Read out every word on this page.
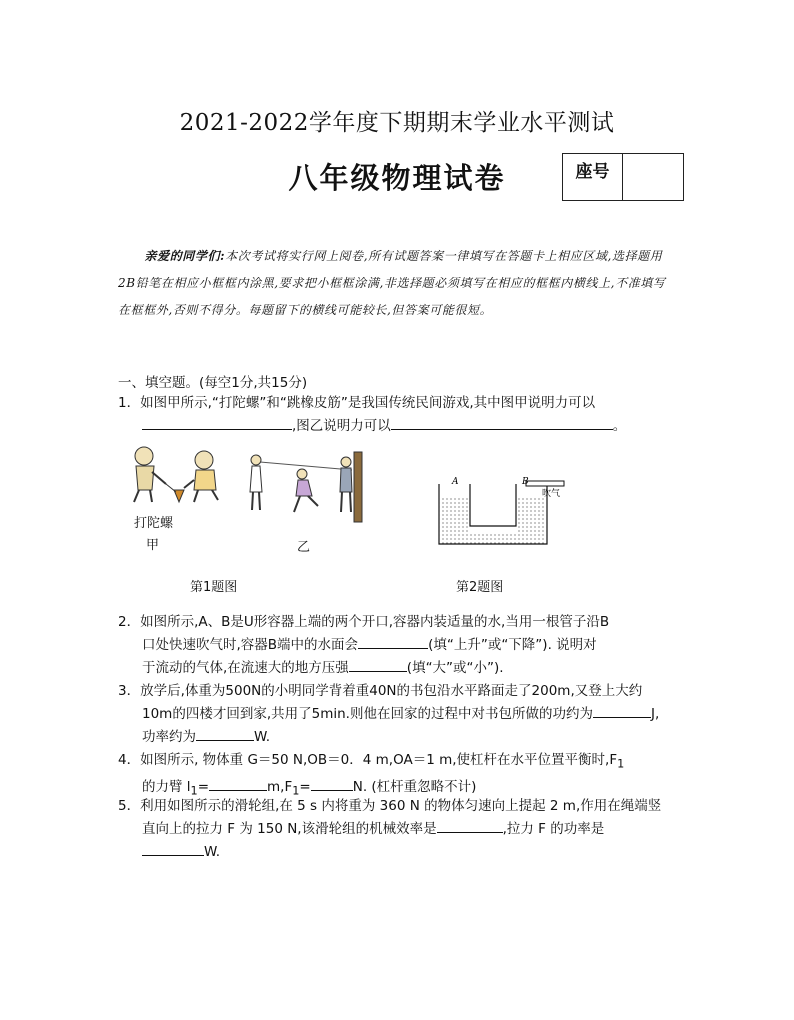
2021-2022学年度下期期末学业水平测试
八年级物理试卷	座号
亲爱的同学们:本次考试将实行网上阅卷,所有试题答案一律填写在答题卡上相应区域,选择题用2B铅笔在相应小框框内涂黑,要求把小框框涂满,非选择题必须填写在相应的框框内横线上,不准填写在框框外,否则不得分。每题留下的横线可能较长,但答案可能很短。
一、填空题。(每空1分,共15分)
1．如图甲所示,“打陀螺”和“跳橡皮筋”是我国传统民间游戏,其中图甲说明力可以
,图乙说明力可以	。
打陀螺
甲	乙
第1题图
A	B
吹气
第2题图
2．如图所示,A、B是U形容器上端的两个开口,容器内装适量的水,当用一根管子沿B
口处快速吹气时,容器B端中的水面会	(填“上升”或“下降”). 说明对
于流动的气体,在流速大的地方压强	(填“大”或“小”).
3．放学后,体重为500N的小明同学背着重40N的书包沿水平路面走了200m,又登上大约
10m的四楼才回到家,共用了5min.则他在回家的过程中对书包所做的功约为	J,
功率约为	W.
4．如图所示, 物体重 G＝50 N,OB＝0．4 m,OA＝1 m,使杠杆在水平位置平衡时$,F_1$
的力臂 $l_1=$	$m,F_1=$	N. (杠杆重忽略不计)
5．利用如图所示的滑轮组,在 5 s 内将重为 360 N 的物体匀速向上提起 2 m,作用在绳端竖
直向上的拉力 F 为 150 N,该滑轮组的机械效率是	,拉力 F 的功率是
W.
